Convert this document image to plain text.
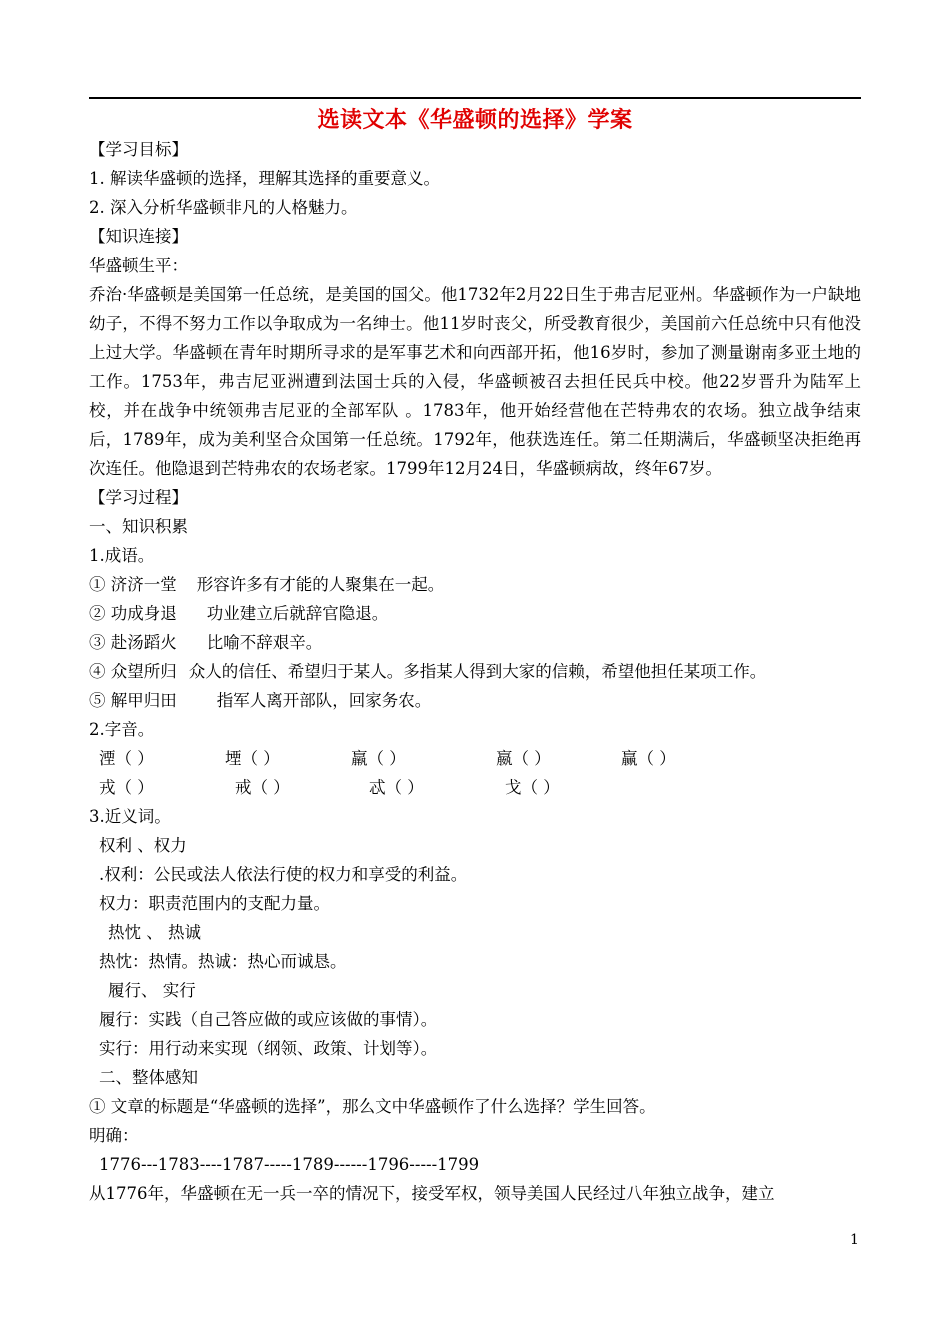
选读文本《华盛顿的选择》学案
【学习目标】
1. 解读华盛顿的选择，理解其选择的重要意义。
2. 深入分析华盛顿非凡的人格魅力。
【知识连接】
华盛顿生平：
乔治·华盛顿是美国第一任总统，是美国的国父。他1732年2月22日生于弗吉尼亚州。华盛顿作为一户缺地幼子，不得不努力工作以争取成为一名绅士。他11岁时丧父，所受教育很少，美国前六任总统中只有他没上过大学。华盛顿在青年时期所寻求的是军事艺术和向西部开拓，他16岁时，参加了测量谢南多亚土地的工作。1753年，弗吉尼亚洲遭到法国士兵的入侵，华盛顿被召去担任民兵中校。他22岁晋升为陆军上校，并在战争中统领弗吉尼亚的全部军队 。1783年，他开始经营他在芒特弗农的农场。独立战争结束后，1789年，成为美利坚合众国第一任总统。1792年，他获选连任。第二任期满后，华盛顿坚决拒绝再次连任。他隐退到芒特弗农的农场老家。1799年12月24日，华盛顿病故，终年67岁。
【学习过程】
一、知识积累
1.成语。
① 济济一堂 形容许多有才能的人聚集在一起。
② 功成身退 功业建立后就辞官隐退。
③ 赴汤蹈火 比喻不辞艰辛。
④ 众望所归 众人的信任、希望归于某人。多指某人得到大家的信赖，希望他担任某项工作。
⑤ 解甲归田 指军人离开部队，回家务农。
2.字音。
湮（ ）	堙（ ）	羸（ ）	嬴（ ）	赢（ ）
戎（ ）	戒（ ）	忒（ ）	戈（ ）
3.近义词。
权利 、权力
.权利：公民或法人依法行使的权力和享受的利益。
权力：职责范围内的支配力量。
热忱 、 热诚
热忱：热情。热诚：热心而诚恳。
履行、 实行
履行：实践（自己答应做的或应该做的事情）。
实行：用行动来实现（纲领、政策、计划等）。
二、整体感知
① 文章的标题是“华盛顿的选择”，那么文中华盛顿作了什么选择？学生回答。
明确：
1776---1783----1787-----1789------1796-----1799
从1776年，华盛顿在无一兵一卒的情况下，接受军权，领导美国人民经过八年独立战争，建立
1
